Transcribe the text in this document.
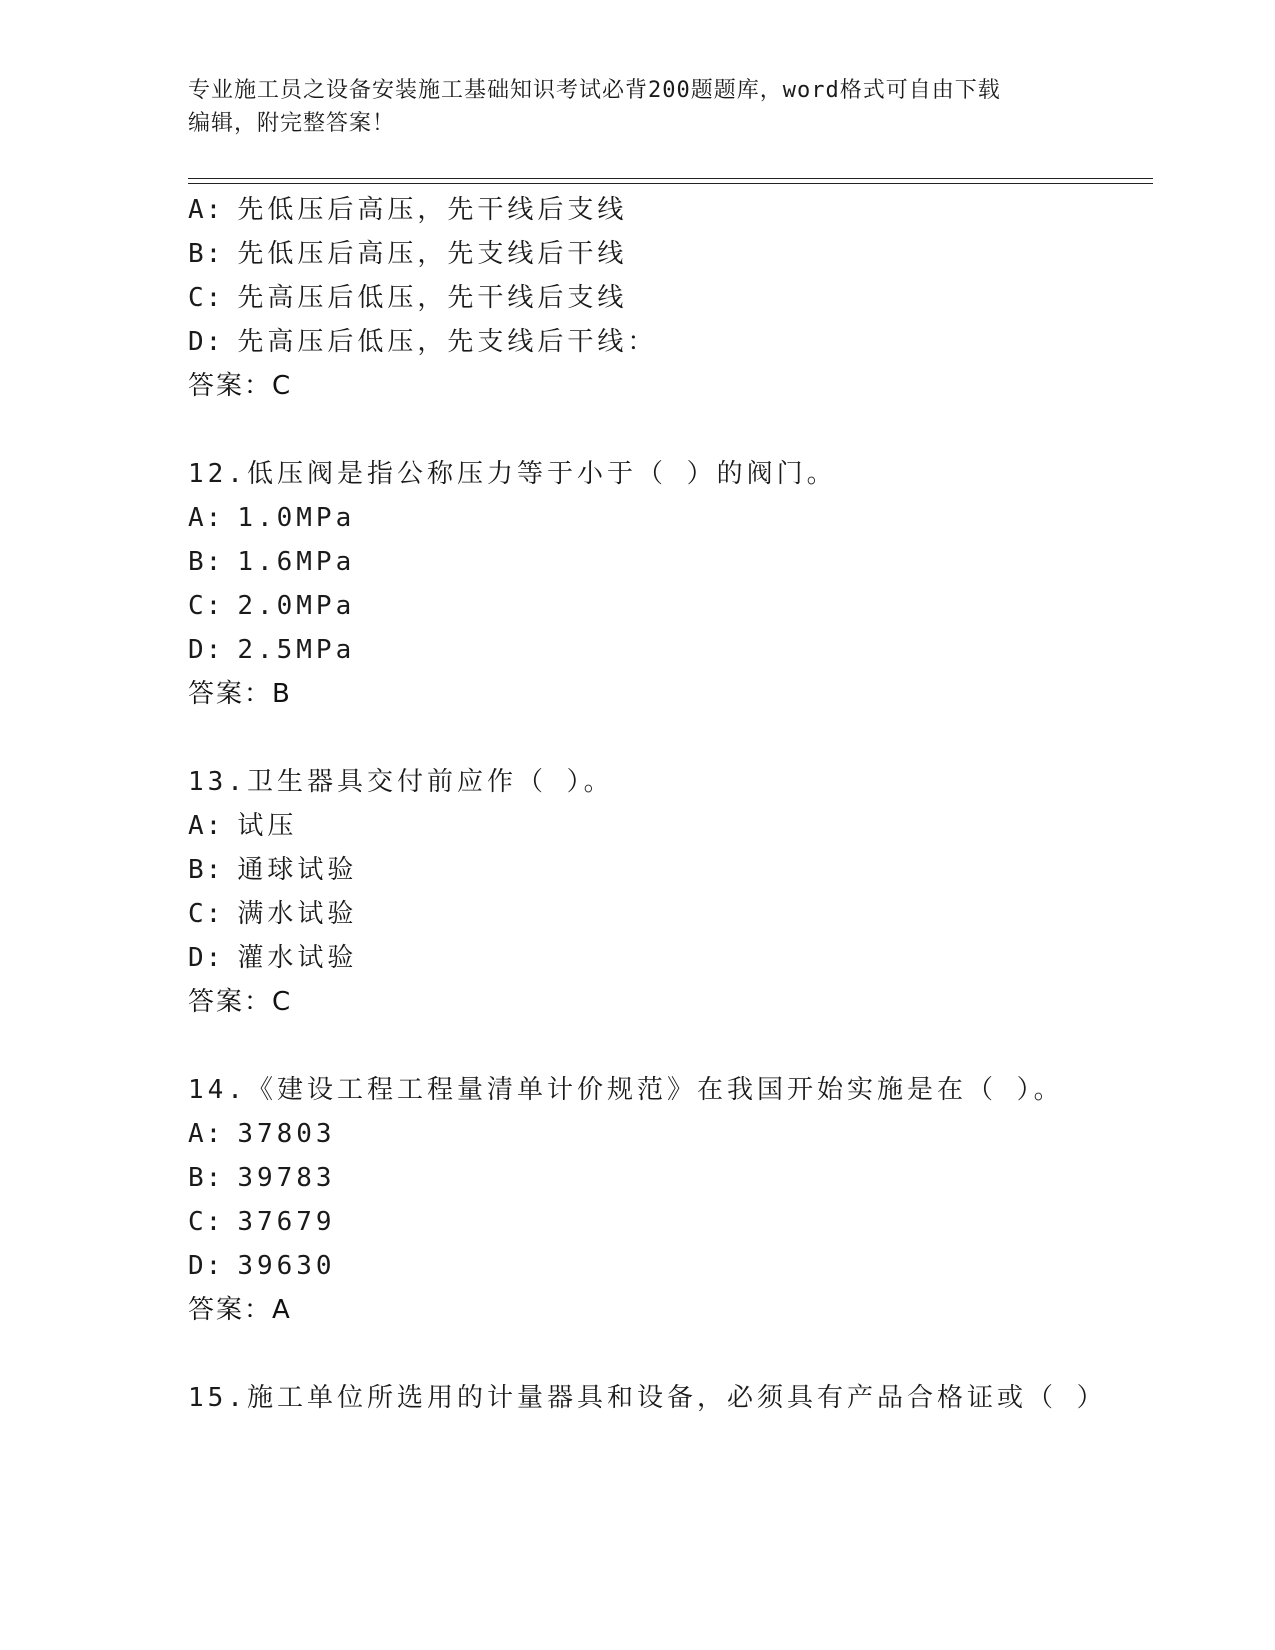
专业施工员之设备安装施工基础知识考试必背200题题库，word格式可自由下载
编辑，附完整答案！
A: 先低压后高压，先干线后支线
B: 先低压后高压，先支线后干线
C: 先高压后低压，先干线后支线
D: 先高压后低压，先支线后干线：
答案：C
12.低压阀是指公称压力等于小于（ ）的阀门。
A: 1.0MPa
B: 1.6MPa
C: 2.0MPa
D: 2.5MPa
答案：B
13.卫生器具交付前应作（ ）。
A: 试压
B: 通球试验
C: 满水试验
D: 灌水试验
答案：C
14.《建设工程工程量清单计价规范》在我国开始实施是在（ ）。
A: 37803
B: 39783
C: 37679
D: 39630
答案：A
15.施工单位所选用的计量器具和设备，必须具有产品合格证或（ ）
